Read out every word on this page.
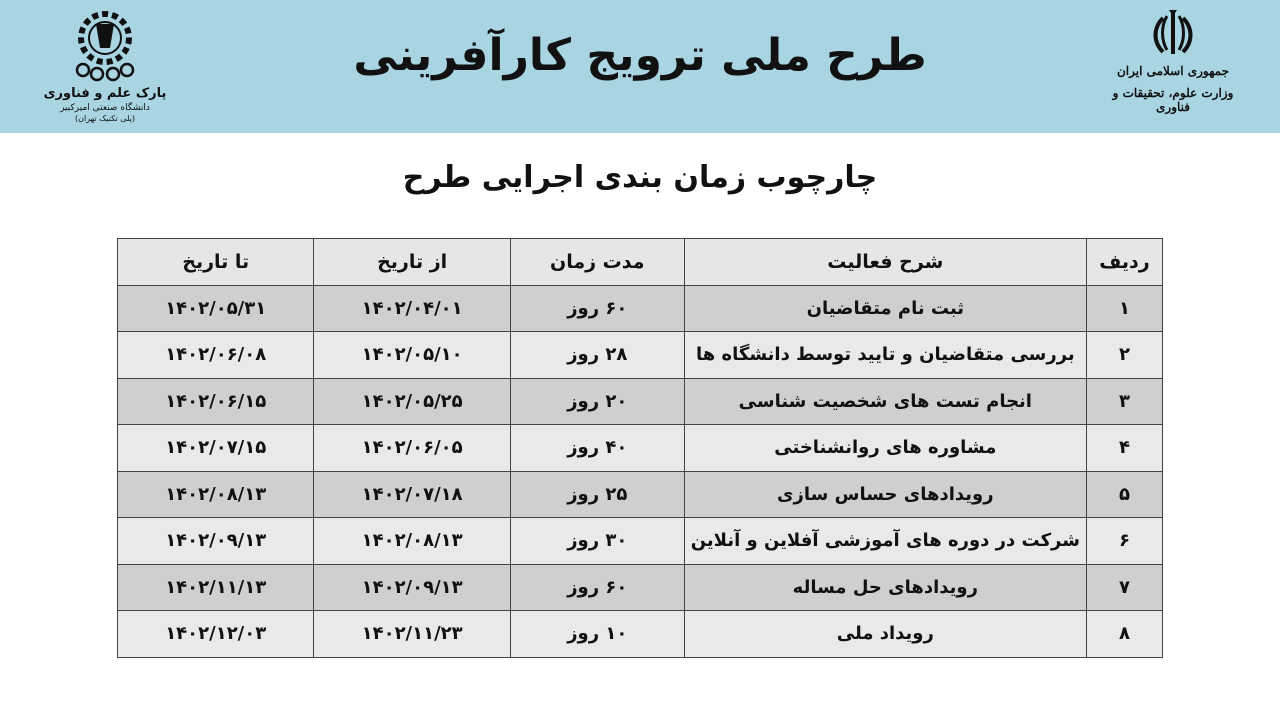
پارک علم و فناوری
دانشگاه صنعتی امیرکبیر
(پلی تکنیک تهران)
طرح ملی ترویج کارآفرینی	جمهوری اسلامی ایران
وزارت علوم، تحقیقات و فناوری
چارچوب زمان بندی اجرایی طرح
ردیف	شرح فعالیت	مدت زمان	از تاریخ	تا تاریخ
۱	ثبت نام متقاضیان	۶۰ روز	۱۴۰۲/۰۴/۰۱	۱۴۰۲/۰۵/۳۱
۲	بررسی متقاضیان و تایید توسط دانشگاه ها	۲۸ روز	۱۴۰۲/۰۵/۱۰	۱۴۰۲/۰۶/۰۸
۳	انجام تست های شخصیت شناسی	۲۰ روز	۱۴۰۲/۰۵/۲۵	۱۴۰۲/۰۶/۱۵
۴	مشاوره های روانشناختی	۴۰ روز	۱۴۰۲/۰۶/۰۵	۱۴۰۲/۰۷/۱۵
۵	رویدادهای حساس سازی	۲۵ روز	۱۴۰۲/۰۷/۱۸	۱۴۰۲/۰۸/۱۳
۶	شرکت در دوره های آموزشی آفلاین و آنلاین	۳۰ روز	۱۴۰۲/۰۸/۱۳	۱۴۰۲/۰۹/۱۳
۷	رویدادهای حل مساله	۶۰ روز	۱۴۰۲/۰۹/۱۳	۱۴۰۲/۱۱/۱۳
۸	رویداد ملی	۱۰ روز	۱۴۰۲/۱۱/۲۳	۱۴۰۲/۱۲/۰۳
